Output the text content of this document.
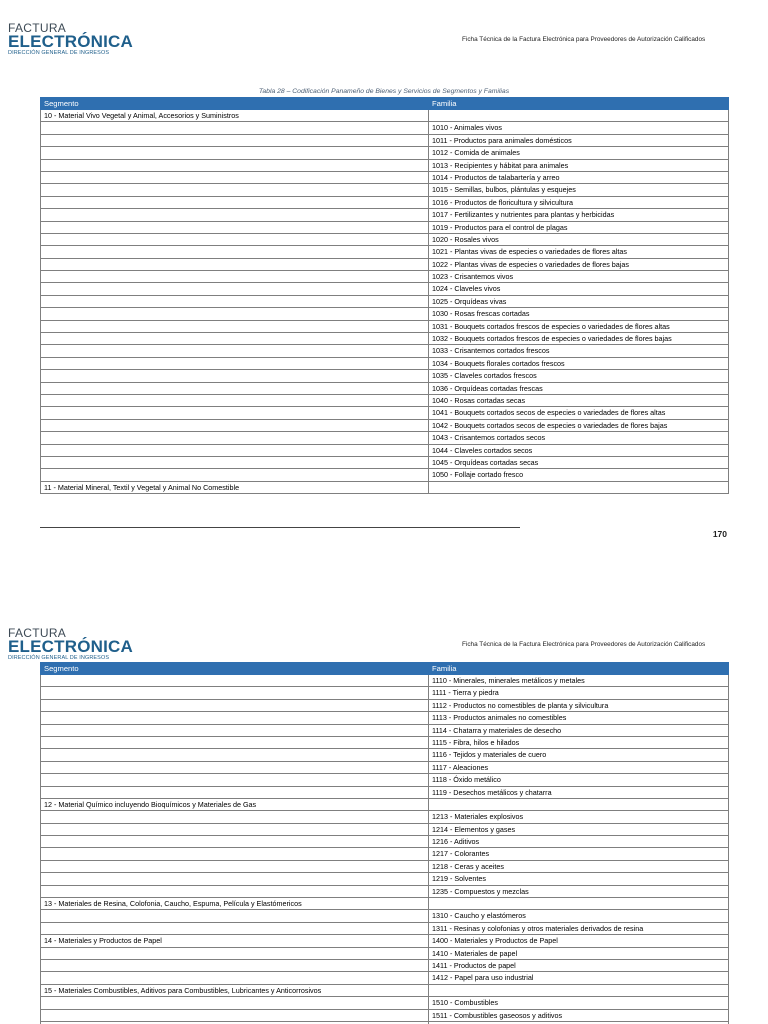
FACTURA
ELECTRÓNICA
DIRECCIÓN GENERAL DE INGRESOS
Ficha Técnica de la Factura Electrónica para Proveedores de Autorización Calificados
Tabla 28 – Codificación Panameño de Bienes y Servicios de Segmentos y Familias
Segmento	Familia
10 - Material Vivo Vegetal y Animal, Accesorios y Suministros	
	1010 - Animales vivos
	1011 - Productos para animales domésticos
	1012 - Comida de animales
	1013 - Recipientes y hábitat para animales
	1014 - Productos de talabartería y arreo
	1015 - Semillas, bulbos, plántulas y esquejes
	1016 - Productos de floricultura y silvicultura
	1017 - Fertilizantes y nutrientes para plantas y herbicidas
	1019 - Productos para el control de plagas
	1020 - Rosales vivos
	1021 - Plantas vivas de especies o variedades de flores altas
	1022 - Plantas vivas de especies o variedades de flores bajas
	1023 - Crisantemos vivos
	1024 - Claveles vivos
	1025 - Orquídeas vivas
	1030 - Rosas frescas cortadas
	1031 - Bouquets cortados frescos de especies o variedades de flores altas
	1032 - Bouquets cortados frescos de especies o variedades de flores bajas
	1033 - Crisantemos cortados frescos
	1034 - Bouquets florales cortados frescos
	1035 - Claveles cortados frescos
	1036 - Orquídeas cortadas frescas
	1040 - Rosas cortadas secas
	1041 - Bouquets cortados secos de especies o variedades de flores altas
	1042 - Bouquets cortados secos de especies o variedades de flores bajas
	1043 - Crisantemos cortados secos
	1044 - Claveles cortados secos
	1045 - Orquídeas cortadas secas
	1050 - Follaje cortado fresco
11 - Material Mineral, Textil y Vegetal y Animal No Comestible	
170
FACTURA
ELECTRÓNICA
DIRECCIÓN GENERAL DE INGRESOS
Ficha Técnica de la Factura Electrónica para Proveedores de Autorización Calificados
Segmento	Familia
	1110 - Minerales, minerales metálicos y metales
	1111 - Tierra y piedra
	1112 - Productos no comestibles de planta y silvicultura
	1113 - Productos animales no comestibles
	1114 - Chatarra y materiales de desecho
	1115 - Fibra, hilos e hilados
	1116 - Tejidos y materiales de cuero
	1117 - Aleaciones
	1118 - Óxido metálico
	1119 - Desechos metálicos y chatarra
12 - Material Químico incluyendo Bioquímicos y Materiales de Gas	
	1213 - Materiales explosivos
	1214 - Elementos y gases
	1216 - Aditivos
	1217 - Colorantes
	1218 - Ceras y aceites
	1219 - Solventes
	1235 - Compuestos y mezclas
13 - Materiales de Resina, Colofonia, Caucho, Espuma, Película y Elastómericos	
	1310 - Caucho y elastómeros
	1311 - Resinas y colofonias y otros materiales derivados de resina
14 - Materiales y Productos de Papel	1400 - Materiales y Productos de Papel
	1410 - Materiales de papel
	1411 - Productos de papel
	1412 - Papel para uso industrial
15 - Materiales Combustibles, Aditivos para Combustibles, Lubricantes y Anticorrosivos	
	1510 - Combustibles
	1511 - Combustibles gaseosos y aditivos
